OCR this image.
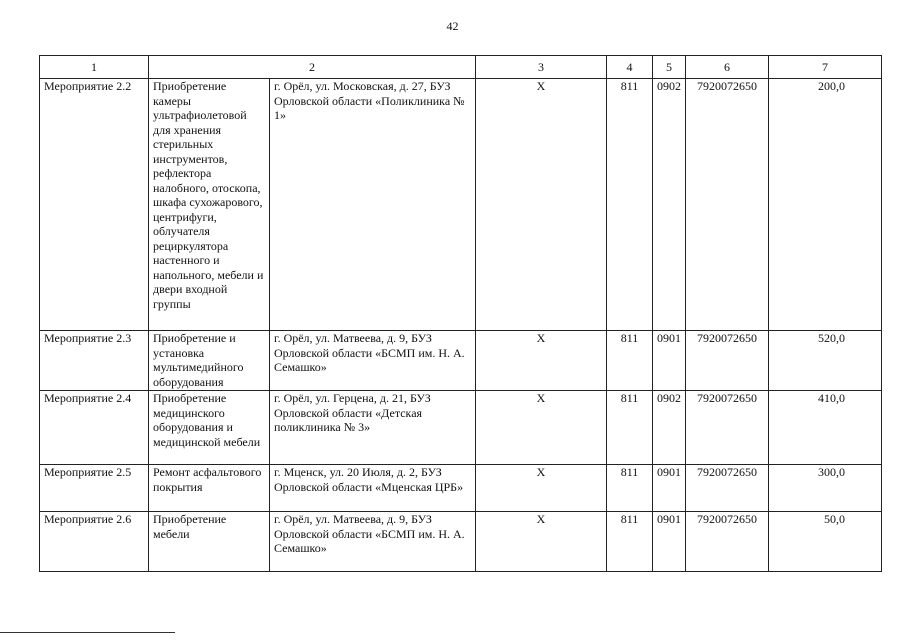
42
1	2		3	4	5	6	7
Мероприятие 2.2	Приобретение камеры ультрафиолетовой для хранения стерильных инструментов, рефлектора налобного, отоскопа, шкафа сухожарового, центрифуги, облучателя рециркулятора настенного и напольного, мебели и двери входной группы	г. Орёл, ул. Московская, д. 27, БУЗ Орловской области «Поликлиника № 1»	Х	811	0902	7920072650	200,0
Мероприятие 2.3	Приобретение и установка мультимедийного оборудования	г. Орёл, ул. Матвеева, д. 9, БУЗ Орловской области «БСМП им. Н. А. Семашко»	Х	811	0901	7920072650	520,0
Мероприятие 2.4	Приобретение медицинского оборудования и медицинской мебели	г. Орёл, ул. Герцена, д. 21, БУЗ Орловской области «Детская поликлиника № 3»	Х	811	0902	7920072650	410,0
Мероприятие 2.5	Ремонт асфальтового покрытия	г. Мценск, ул. 20 Июля, д. 2, БУЗ Орловской области «Мценская ЦРБ»	Х	811	0901	7920072650	300,0
Мероприятие 2.6	Приобретение мебели	г. Орёл, ул. Матвеева, д. 9, БУЗ Орловской области «БСМП им. Н. А. Семашко»	Х	811	0901	7920072650	50,0
